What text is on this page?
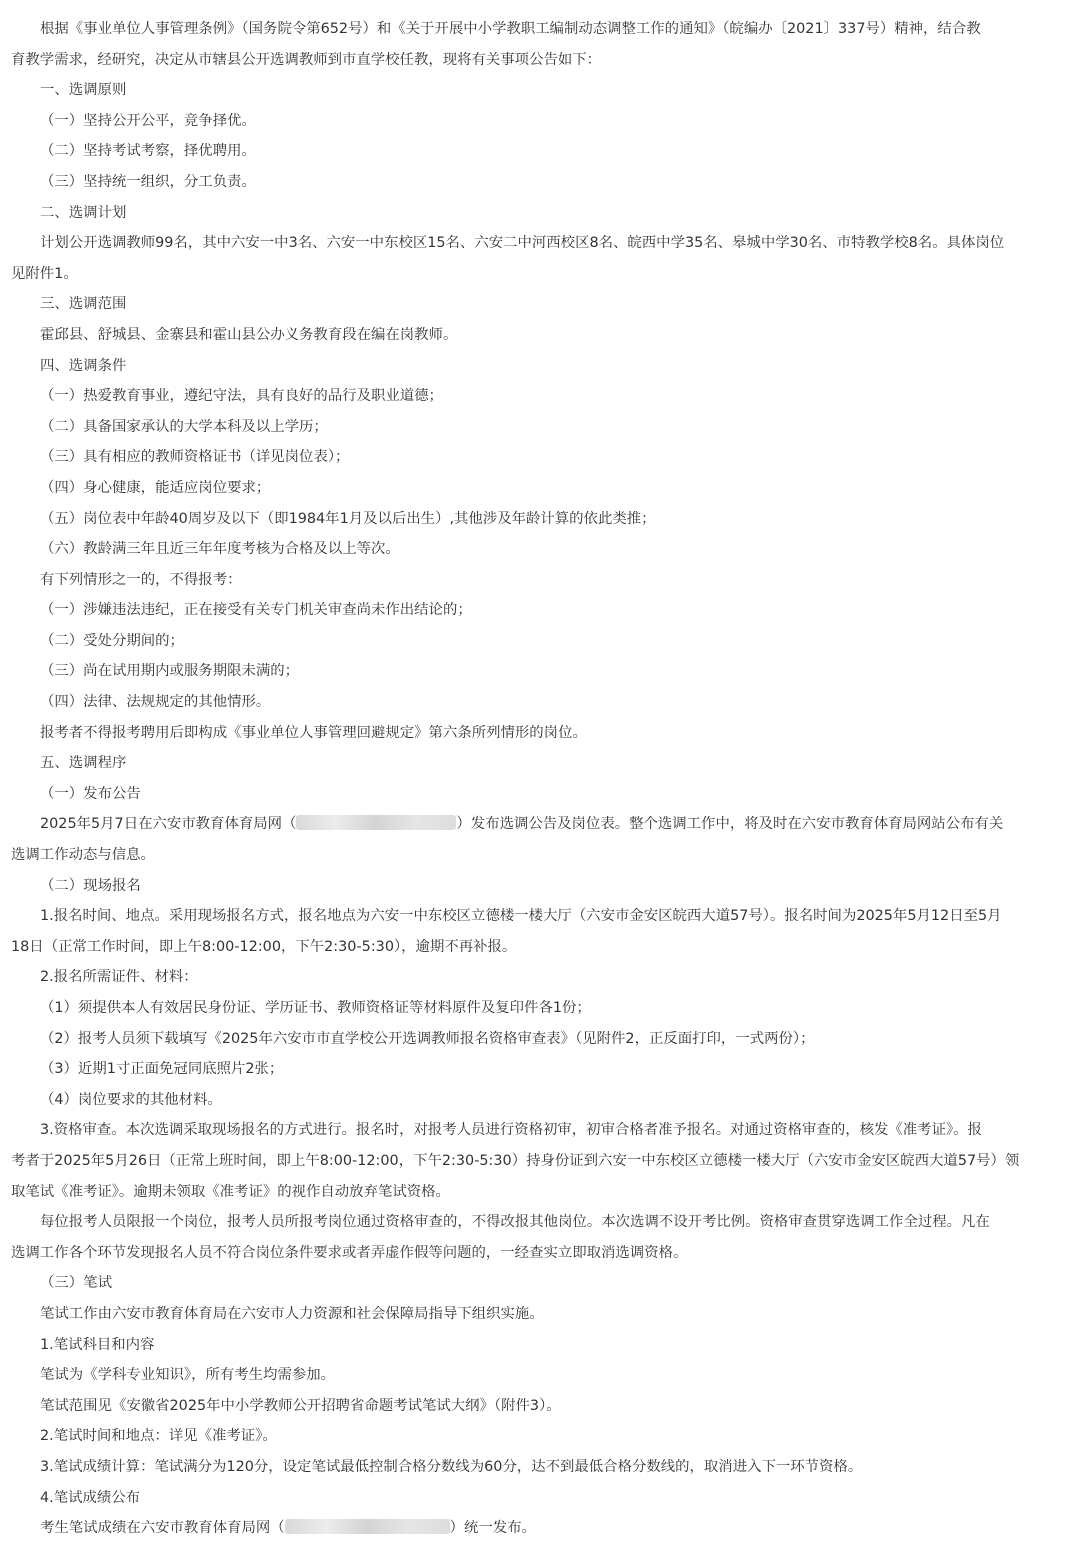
根据《事业单位人事管理条例》（国务院令第652号）和《关于开展中小学教职工编制动态调整工作的通知》（皖编办〔2021〕337号）精神，结合教
育教学需求，经研究，决定从市辖县公开选调教师到市直学校任教，现将有关事项公告如下：
一、选调原则
（一）坚持公开公平，竞争择优。
（二）坚持考试考察，择优聘用。
（三）坚持统一组织，分工负责。
二、选调计划
计划公开选调教师99名，其中六安一中3名、六安一中东校区15名、六安二中河西校区8名、皖西中学35名、皋城中学30名、市特教学校8名。具体岗位
见附件1。
三、选调范围
霍邱县、舒城县、金寨县和霍山县公办义务教育段在编在岗教师。
四、选调条件
（一）热爱教育事业，遵纪守法，具有良好的品行及职业道德；
（二）具备国家承认的大学本科及以上学历；
（三）具有相应的教师资格证书（详见岗位表）；
（四）身心健康，能适应岗位要求；
（五）岗位表中年龄40周岁及以下（即1984年1月及以后出生）,其他涉及年龄计算的依此类推；
（六）教龄满三年且近三年年度考核为合格及以上等次。
有下列情形之一的，不得报考：
（一）涉嫌违法违纪，正在接受有关专门机关审查尚未作出结论的；
（二）受处分期间的；
（三）尚在试用期内或服务期限未满的；
（四）法律、法规规定的其他情形。
报考者不得报考聘用后即构成《事业单位人事管理回避规定》第六条所列情形的岗位。
五、选调程序
（一）发布公告
2025年5月7日在六安市教育体育局网（	）发布选调公告及岗位表。整个选调工作中，将及时在六安市教育体育局网站公布有关
选调工作动态与信息。
（二）现场报名
1.报名时间、地点。采用现场报名方式，报名地点为六安一中东校区立德楼一楼大厅（六安市金安区皖西大道57号）。报名时间为2025年5月12日至5月
18日（正常工作时间，即上午8:00-12:00，下午2:30-5:30），逾期不再补报。
2.报名所需证件、材料：
（1）须提供本人有效居民身份证、学历证书、教师资格证等材料原件及复印件各1份；
（2）报考人员须下载填写《2025年六安市市直学校公开选调教师报名资格审查表》（见附件2，正反面打印，一式两份）；
（3）近期1寸正面免冠同底照片2张；
（4）岗位要求的其他材料。
3.资格审查。本次选调采取现场报名的方式进行。报名时，对报考人员进行资格初审，初审合格者准予报名。对通过资格审查的，核发《准考证》。报
考者于2025年5月26日（正常上班时间，即上午8:00-12:00，下午2:30-5:30）持身份证到六安一中东校区立德楼一楼大厅（六安市金安区皖西大道57号）领
取笔试《准考证》。逾期未领取《准考证》的视作自动放弃笔试资格。
每位报考人员限报一个岗位，报考人员所报考岗位通过资格审查的，不得改报其他岗位。本次选调不设开考比例。资格审查贯穿选调工作全过程。凡在
选调工作各个环节发现报名人员不符合岗位条件要求或者弄虚作假等问题的，一经查实立即取消选调资格。
（三）笔试
笔试工作由六安市教育体育局在六安市人力资源和社会保障局指导下组织实施。
1.笔试科目和内容
笔试为《学科专业知识》，所有考生均需参加。
笔试范围见《安徽省2025年中小学教师公开招聘省命题考试笔试大纲》（附件3）。
2.笔试时间和地点：详见《准考证》。
3.笔试成绩计算：笔试满分为120分，设定笔试最低控制合格分数线为60分，达不到最低合格分数线的，取消进入下一环节资格。
4.笔试成绩公布
考生笔试成绩在六安市教育体育局网（	）统一发布。
